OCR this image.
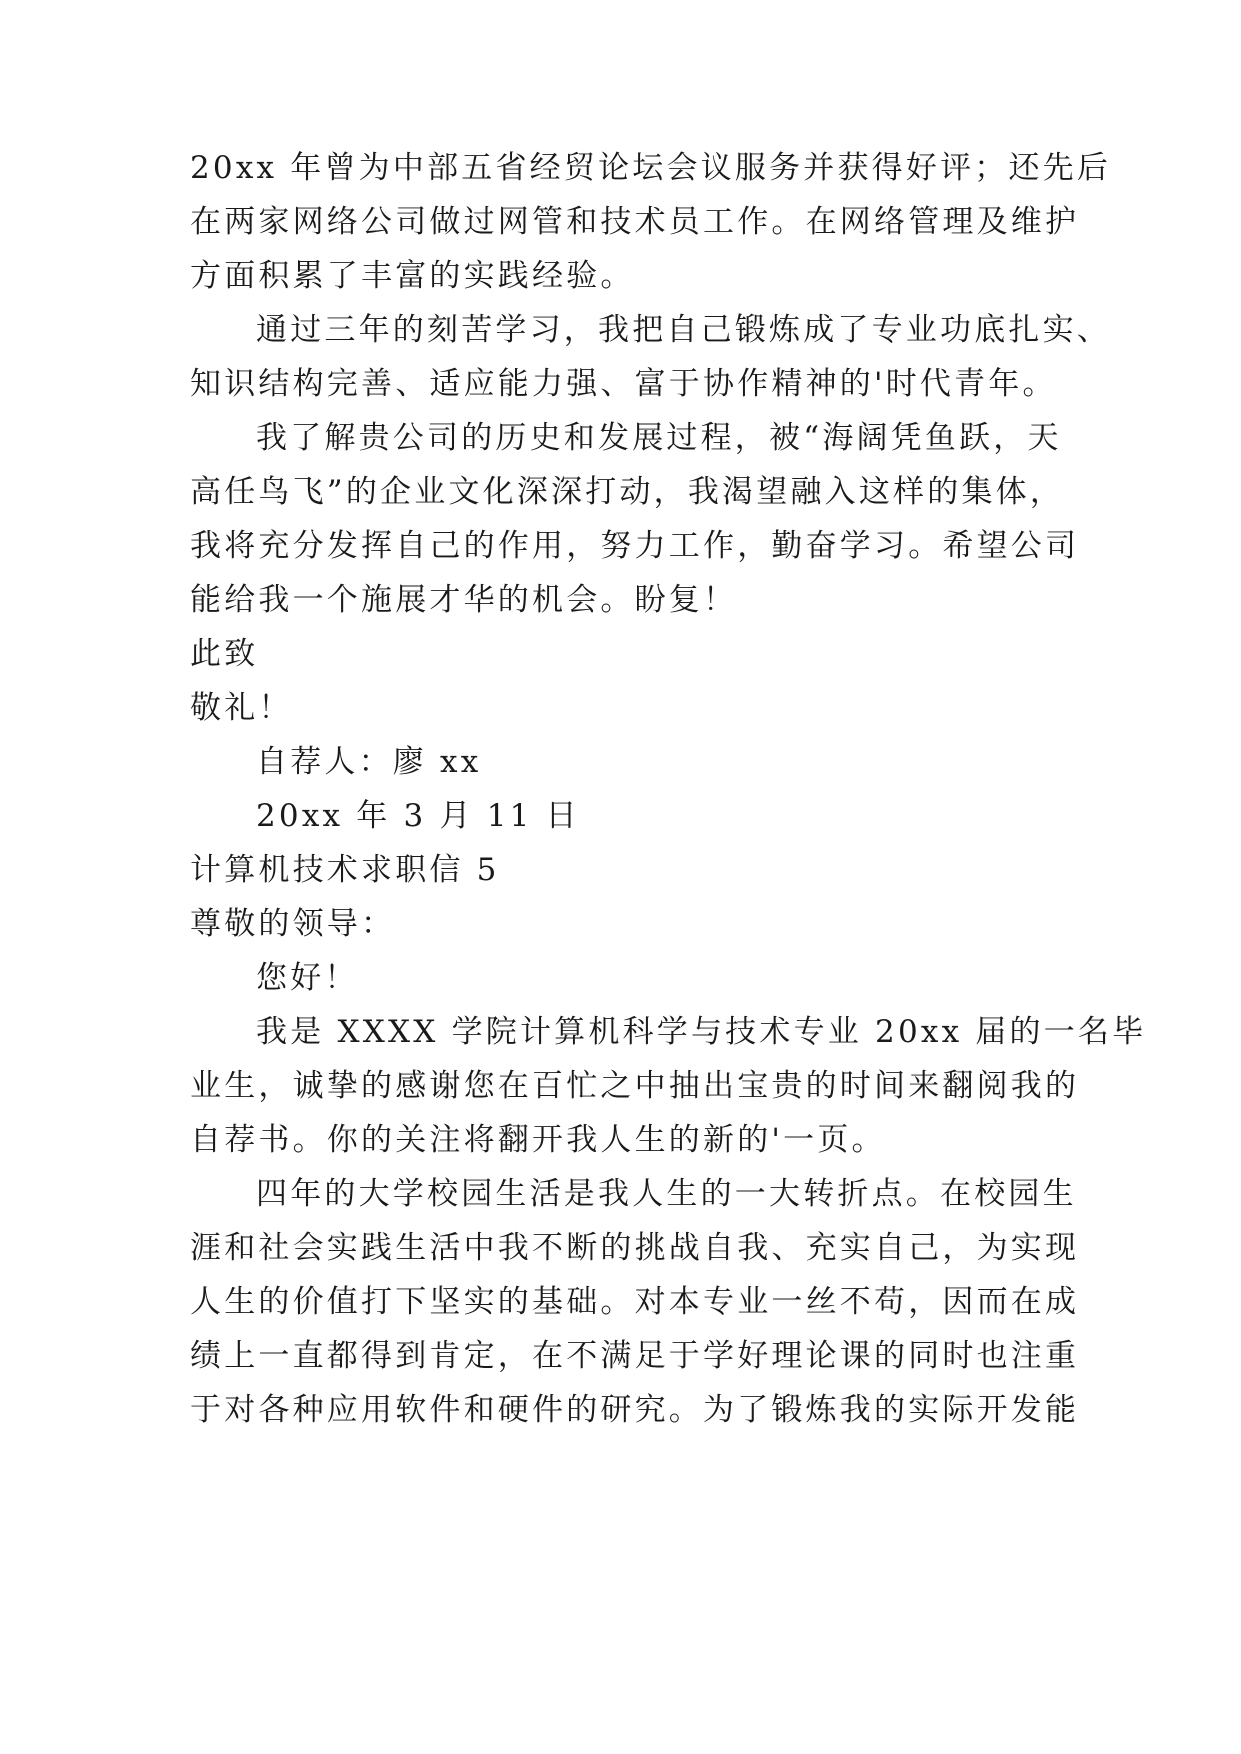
20xx 年曾为中部五省经贸论坛会议服务并获得好评；还先后
在两家网络公司做过网管和技术员工作。在网络管理及维护
方面积累了丰富的实践经验。
通过三年的刻苦学习，我把自己锻炼成了专业功底扎实、
知识结构完善、适应能力强、富于协作精神的'时代青年。
我了解贵公司的历史和发展过程，被“海阔凭鱼跃，天
高任鸟飞”的企业文化深深打动，我渴望融入这样的集体，
我将充分发挥自己的作用，努力工作，勤奋学习。希望公司
能给我一个施展才华的机会。盼复！
此致
敬礼！
自荐人：廖 xx
20xx 年 3 月 11 日
计算机技术求职信 5
尊敬的领导：
您好！
我是 XXXX 学院计算机科学与技术专业 20xx 届的一名毕
业生，诚挚的感谢您在百忙之中抽出宝贵的时间来翻阅我的
自荐书。你的关注将翻开我人生的新的'一页。
四年的大学校园生活是我人生的一大转折点。在校园生
涯和社会实践生活中我不断的挑战自我、充实自己，为实现
人生的价值打下坚实的基础。对本专业一丝不苟，因而在成
绩上一直都得到肯定，在不满足于学好理论课的同时也注重
于对各种应用软件和硬件的研究。为了锻炼我的实际开发能
